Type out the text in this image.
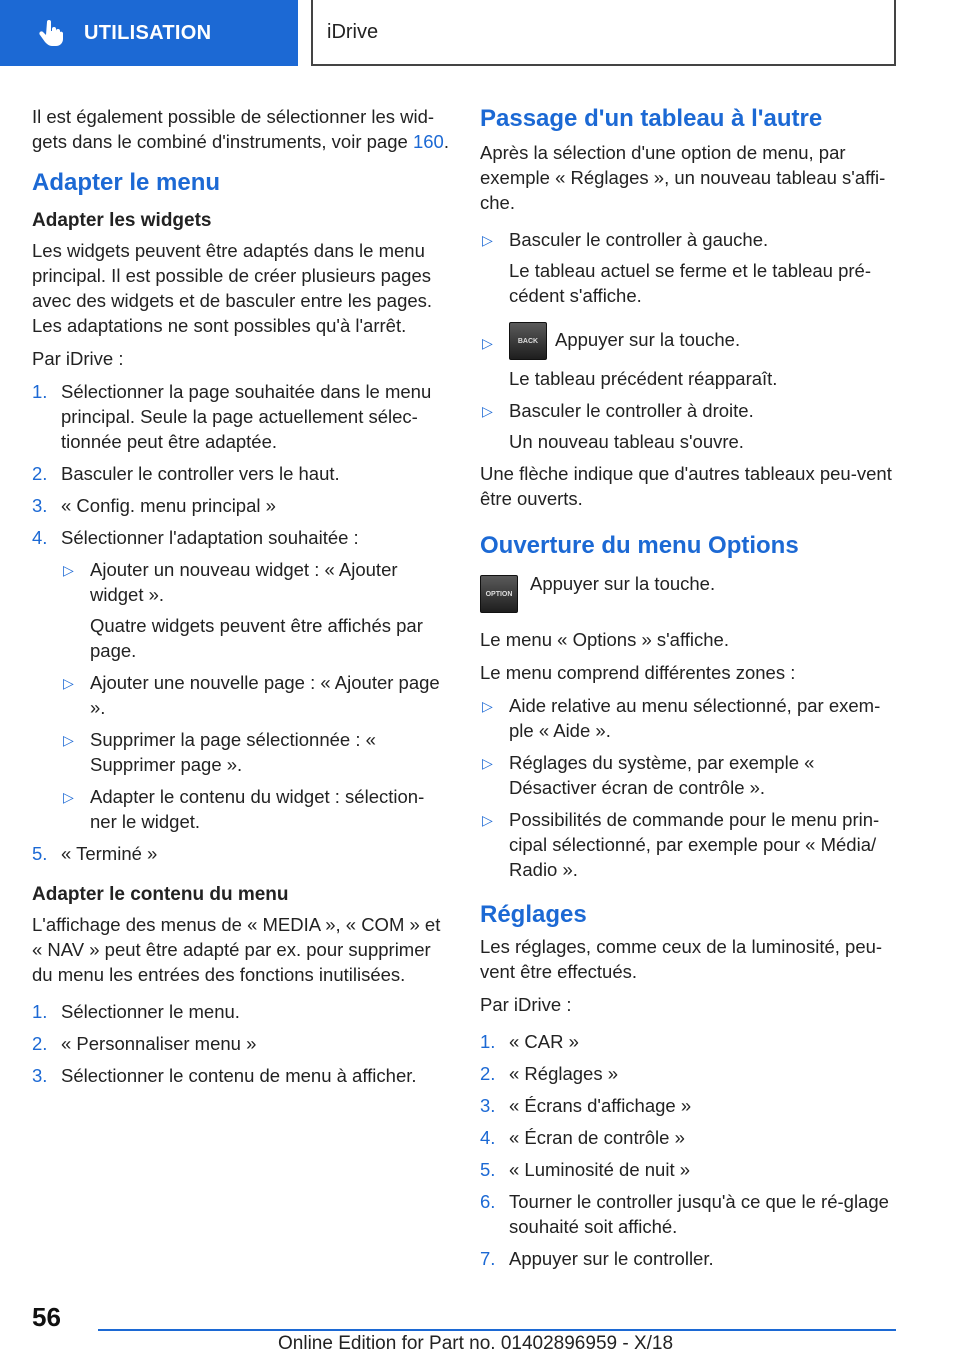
UTILISATION	iDrive

Il est également possible de sélectionner les wid-gets dans le combiné d'instruments, voir page 160.

Adapter le menu
Adapter les widgets

Les widgets peuvent être adaptés dans le menu principal. Il est possible de créer plusieurs pages avec des widgets et de basculer entre les pages. Les adaptations ne sont possibles qu'à l'arrêt.

Par iDrive :

1. Sélectionner la page souhaitée dans le menu principal. Seule la page actuellement sélec-tionnée peut être adaptée.
2. Basculer le controller vers le haut.
3. « Config. menu principal »
4. Sélectionner l'adaptation souhaitée :
▷ Ajouter un nouveau widget : « Ajouter widget ».
Quatre widgets peuvent être affichés par page.
▷ Ajouter une nouvelle page : « Ajouter page ».
▷ Supprimer la page sélectionnée : « Supprimer page ».
▷ Adapter le contenu du widget : sélection-ner le widget.
5. « Terminé »
Adapter le contenu du menu

L'affichage des menus de « MEDIA », « COM » et « NAV » peut être adapté par ex. pour supprimer du menu les entrées des fonctions inutilisées.

1. Sélectionner le menu.
2. « Personnaliser menu »
3. Sélectionner le contenu de menu à afficher.
Passage d'un tableau à l'autre

Après la sélection d'une option de menu, par exemple « Réglages », un nouveau tableau s'affi-che.

▷ Basculer le controller à gauche.
Le tableau actuel se ferme et le tableau pré-cédent s'affiche.
▷	BACK Appuyer sur la touche.
Le tableau précédent réapparaît.
▷ Basculer le controller à droite.
Un nouveau tableau s'ouvre.

Une flèche indique que d'autres tableaux peu-vent être ouverts.

Ouverture du menu Options
OPTION
Appuyer sur la touche.

Le menu « Options » s'affiche.

Le menu comprend différentes zones :

▷ Aide relative au menu sélectionné, par exem-ple « Aide ».
▷ Réglages du système, par exemple « Désactiver écran de contrôle ».
▷ Possibilités de commande pour le menu prin-cipal sélectionné, par exemple pour « Média/ Radio ».
Réglages

Les réglages, comme ceux de la luminosité, peu-vent être effectués.

Par iDrive :

1. « CAR »
2. « Réglages »
3. « Écrans d'affichage »
4. « Écran de contrôle »
5. « Luminosité de nuit »
6. Tourner le controller jusqu'à ce que le ré-glage souhaité soit affiché.
7. Appuyer sur le controller.
56
Online Edition for Part no. 01402896959 - X/18
